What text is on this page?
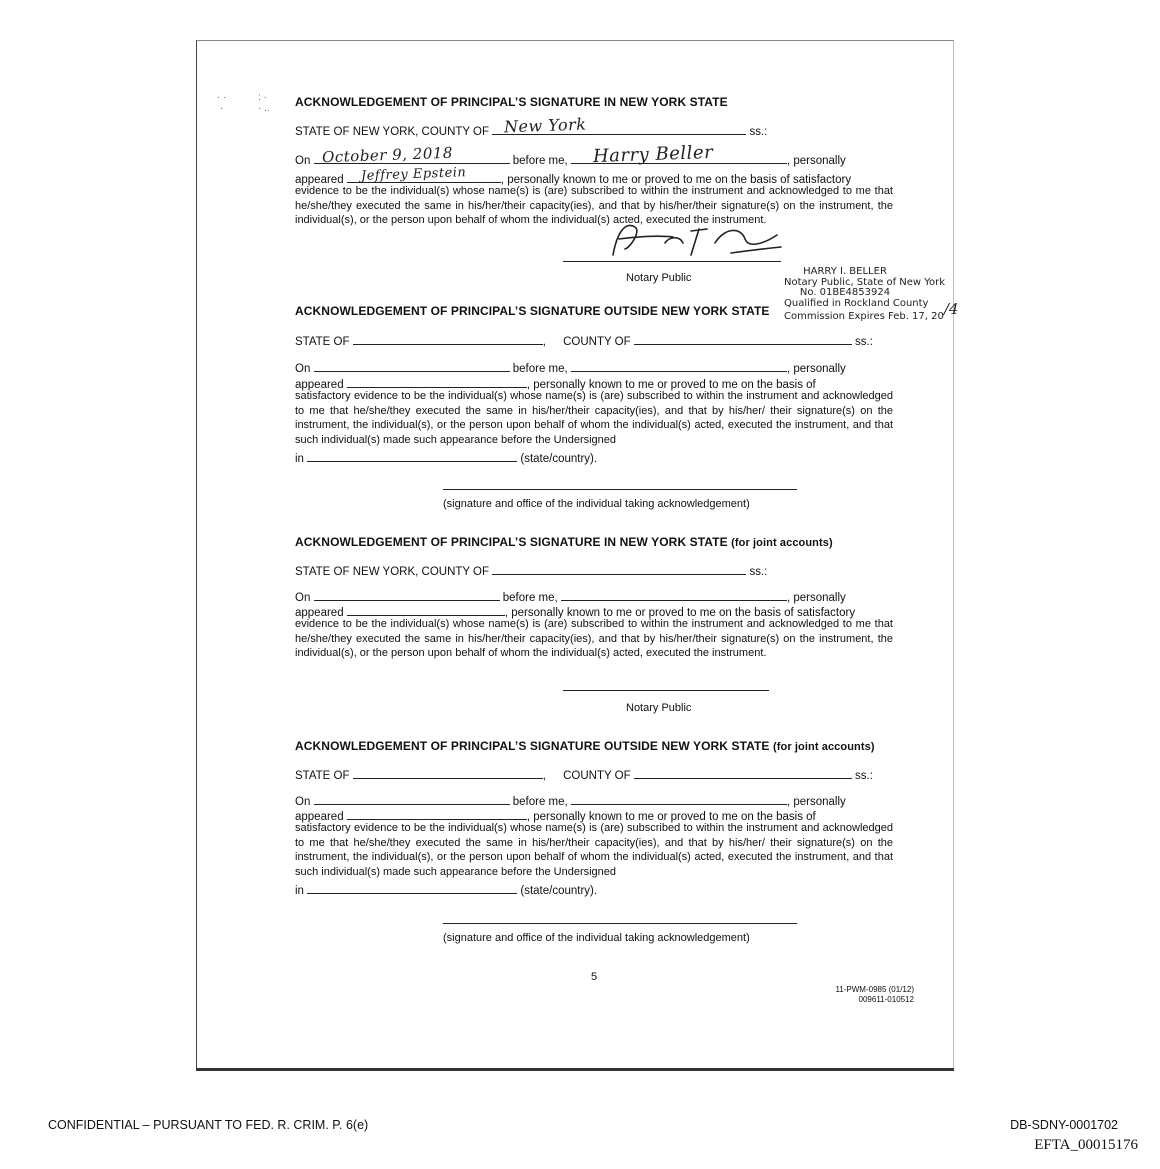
· ·
·
: ·
· .. ACKNOWLEDGEMENT OF PRINCIPAL’S SIGNATURE IN NEW YORK STATE
STATE OF NEW YORK, COUNTY OF New York	ss.:
On October 9, 2018	before me, Harry Beller	, personally
appeared Jeffrey Epstein	, personally known to me or proved to me on the basis of satisfactory
evidence to be the individual(s) whose name(s) is (are) subscribed to within the instrument and acknowledged to me that he/she/they executed the same in his/her/their capacity(ies), and that by his/her/their signature(s) on the instrument, the individual(s), or the person upon behalf of whom the individual(s) acted, executed the instrument.
Notary Public
HARRY I. BELLER
Notary Public, State of New York
No. 01BE4853924
Qualified in Rockland County
Commission Expires Feb. 17, 20/4
ACKNOWLEDGEMENT OF PRINCIPAL’S SIGNATURE OUTSIDE NEW YORK STATE
STATE OF	, COUNTY OF	ss.:
On	before me,	, personally
appeared	, personally known to me or proved to me on the basis of
satisfactory evidence to be the individual(s) whose name(s) is (are) subscribed to within the instrument and acknowledged to me that he/she/they executed the same in his/her/their capacity(ies), and that by his/her/ their signature(s) on the instrument, the individual(s), or the person upon behalf of whom the individual(s) acted, executed the instrument, and that such individual(s) made such appearance before the Undersigned
in	(state/country).
(signature and office of the individual taking acknowledgement)
ACKNOWLEDGEMENT OF PRINCIPAL’S SIGNATURE IN NEW YORK STATE (for joint accounts)
STATE OF NEW YORK, COUNTY OF	ss.:
On	before me,	, personally
appeared	, personally known to me or proved to me on the basis of satisfactory
evidence to be the individual(s) whose name(s) is (are) subscribed to within the instrument and acknowledged to me that he/she/they executed the same in his/her/their capacity(ies), and that by his/her/their signature(s) on the instrument, the individual(s), or the person upon behalf of whom the individual(s) acted, executed the instrument.
Notary Public
ACKNOWLEDGEMENT OF PRINCIPAL’S SIGNATURE OUTSIDE NEW YORK STATE (for joint accounts)
STATE OF	, COUNTY OF	ss.:
On	before me,	, personally
appeared	, personally known to me or proved to me on the basis of
satisfactory evidence to be the individual(s) whose name(s) is (are) subscribed to within the instrument and acknowledged to me that he/she/they executed the same in his/her/their capacity(ies), and that by his/her/ their signature(s) on the instrument, the individual(s), or the person upon behalf of whom the individual(s) acted, executed the instrument, and that such individual(s) made such appearance before the Undersigned
in	(state/country).
(signature and office of the individual taking acknowledgement)
5
11-PWM-0985 (01/12)
009611-010512
CONFIDENTIAL – PURSUANT TO FED. R. CRIM. P. 6(e)	DB-SDNY-0001702
EFTA_00015176
